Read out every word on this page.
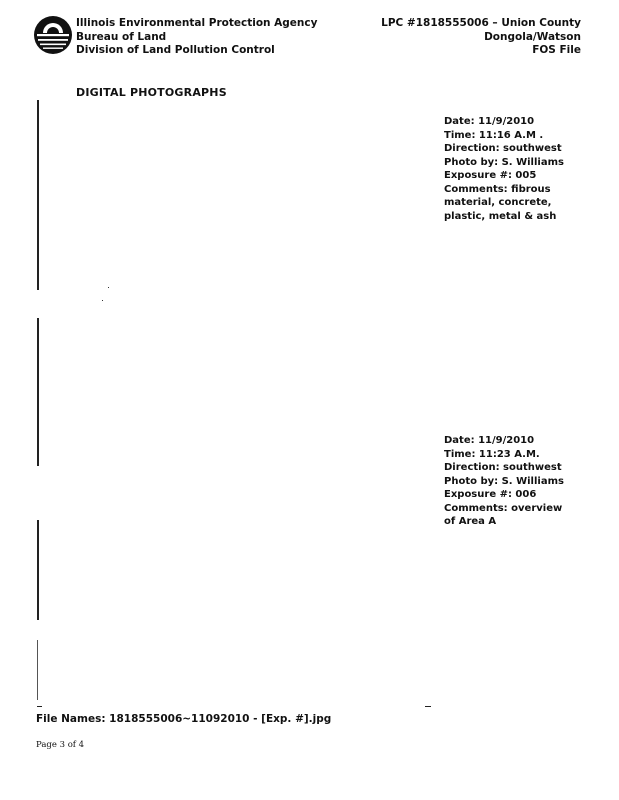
Illinois Environmental Protection Agency
Bureau of Land
Division of Land Pollution Control
LPC #1818555006 – Union County
Dongola/Watson
FOS File
DIGITAL PHOTOGRAPHS
Date: 11/9/2010
Time: 11:16 A.M .
Direction: southwest
Photo by: S. Williams
Exposure #: 005
Comments: fibrous
material, concrete,
plastic, metal & ash
Date: 11/9/2010
Time: 11:23 A.M.
Direction: southwest
Photo by: S. Williams
Exposure #: 006
Comments: overview
of Area A
File Names: 1818555006~11092010 - [Exp. #].jpg
Page 3 of 4
